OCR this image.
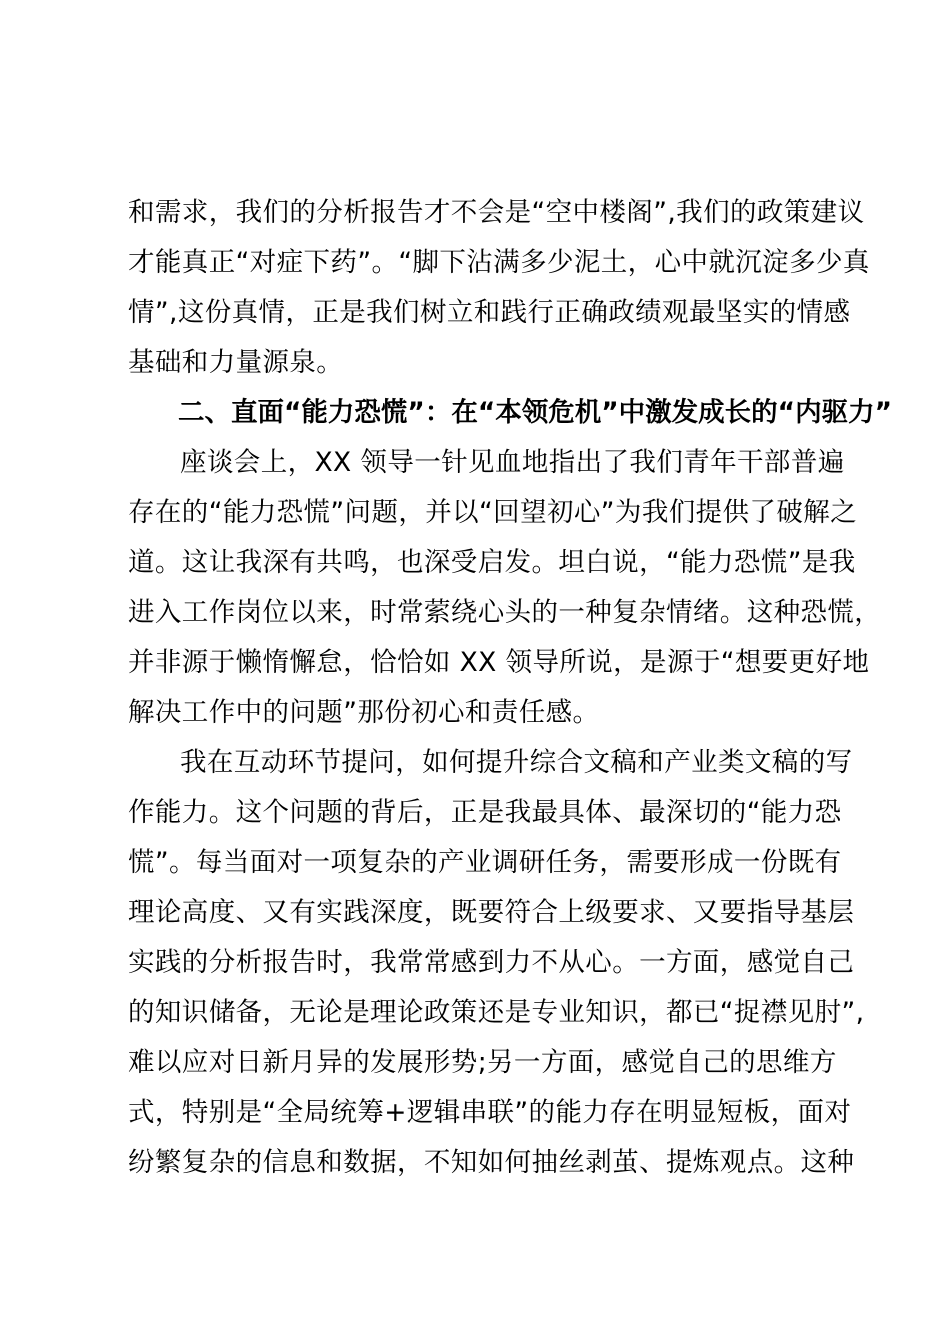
和需求，我们的分析报告才不会是“空中楼阁”,我们的政策建议
才能真正“对症下药”。“脚下沾满多少泥土，心中就沉淀多少真
情”,这份真情，正是我们树立和践行正确政绩观最坚实的情感
基础和力量源泉。
二、直面“能力恐慌”：在“本领危机”中激发成长的“内驱力”
座谈会上，XX 领导一针见血地指出了我们青年干部普遍
存在的“能力恐慌”问题，并以“回望初心”为我们提供了破解之
道。这让我深有共鸣，也深受启发。坦白说，“能力恐慌”是我
进入工作岗位以来，时常萦绕心头的一种复杂情绪。这种恐慌，
并非源于懒惰懈怠，恰恰如 XX 领导所说，是源于“想要更好地
解决工作中的问题”那份初心和责任感。
我在互动环节提问，如何提升综合文稿和产业类文稿的写
作能力。这个问题的背后，正是我最具体、最深切的“能力恐
慌”。每当面对一项复杂的产业调研任务，需要形成一份既有
理论高度、又有实践深度，既要符合上级要求、又要指导基层
实践的分析报告时，我常常感到力不从心。一方面，感觉自己
的知识储备，无论是理论政策还是专业知识，都已“捉襟见肘”,
难以应对日新月异的发展形势;另一方面，感觉自己的思维方
式，特别是“全局统筹+逻辑串联”的能力存在明显短板，面对
纷繁复杂的信息和数据，不知如何抽丝剥茧、提炼观点。这种
